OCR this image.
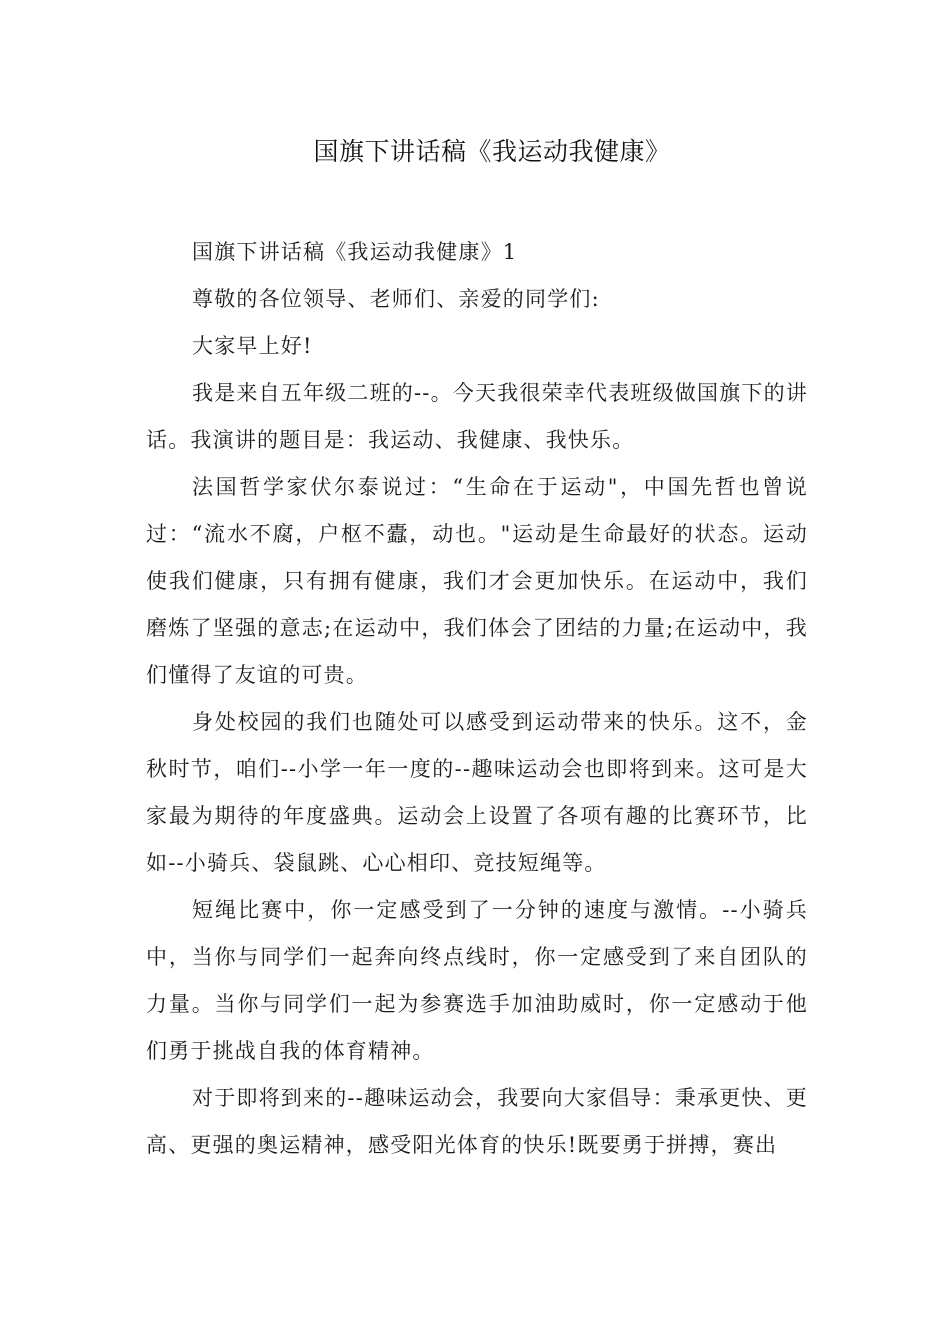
国旗下讲话稿《我运动我健康》

国旗下讲话稿《我运动我健康》1

尊敬的各位领导、老师们、亲爱的同学们:

大家早上好!

我是来自五年级二班的--。今天我很荣幸代表班级做国旗下的讲话。我演讲的题目是：我运动、我健康、我快乐。

法国哲学家伏尔泰说过：“生命在于运动"，中国先哲也曾说过：“流水不腐，户枢不蠹，动也。"运动是生命最好的状态。运动使我们健康，只有拥有健康，我们才会更加快乐。在运动中，我们磨炼了坚强的意志;在运动中，我们体会了团结的力量;在运动中，我们懂得了友谊的可贵。

身处校园的我们也随处可以感受到运动带来的快乐。这不，金秋时节，咱们--小学一年一度的--趣味运动会也即将到来。这可是大家最为期待的年度盛典。运动会上设置了各项有趣的比赛环节，比如--小骑兵、袋鼠跳、心心相印、竞技短绳等。

短绳比赛中，你一定感受到了一分钟的速度与激情。--小骑兵中，当你与同学们一起奔向终点线时，你一定感受到了来自团队的力量。当你与同学们一起为参赛选手加油助威时，你一定感动于他们勇于挑战自我的体育精神。

对于即将到来的--趣味运动会，我要向大家倡导：秉承更快、更高、更强的奥运精神，感受阳光体育的快乐!既要勇于拼搏，赛出
